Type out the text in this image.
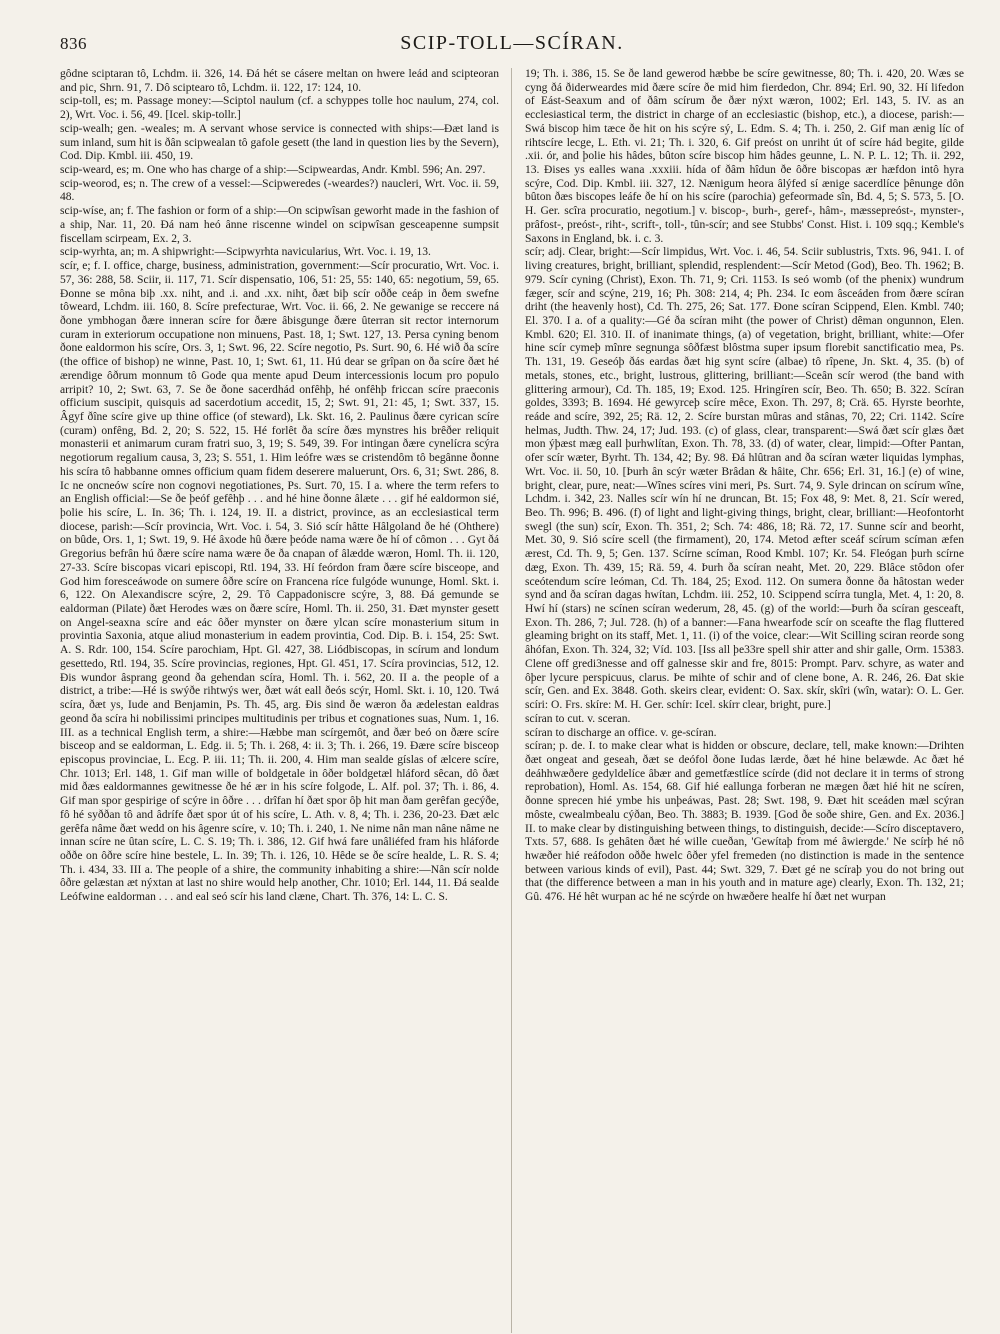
836	SCIP-TOLL—SCÍRAN.

gôdne sciptaran tô, Lchdm. ii. 326, 14. Ðá hét se cásere meltan on hwere leád and scipteoran and pic, Shrn. 91, 7. Dô sciptearo tô, Lchdm. ii. 122, 17: 124, 10.

scip-toll, es; m. Passage money:—Sciptol naulum (cf. a schyppes tolle hoc naulum, 274, col. 2), Wrt. Voc. i. 56, 49. [Icel. skip-tollr.]

scip-wealh; gen. -weales; m. A servant whose service is connected with ships:—Ðæt land is sum inland, sum hit is ðân scipwealan tô gafole gesett (the land in question lies by the Severn), Cod. Dip. Kmbl. iii. 450, 19.

scip-weard, es; m. One who has charge of a ship:—Scipweardas, Andr. Kmbl. 596; An. 297.

scip-weorod, es; n. The crew of a vessel:—Scipweredes (-weardes?) naucleri, Wrt. Voc. ii. 59, 48.

scip-wíse, an; f. The fashion or form of a ship:—On scipwîsan geworht made in the fashion of a ship, Nar. 11, 20. Ðá nam heó ânne riscenne windel on scipwîsan gesceapenne sumpsit fiscellam scirpeam, Ex. 2, 3.

scip-wyrhta, an; m. A shipwright:—Scipwyrhta navicularius, Wrt. Voc. i. 19, 13.

scír, e; f. I. office, charge, business, administration, government:—Scír procuratio, Wrt. Voc. i. 57, 36: 288, 58. Sciir, ii. 117, 71. Scír dispensatio, 106, 51: 25, 55: 140, 65: negotium, 59, 65. Ðonne se môna biþ .xx. niht, and .i. and .xx. niht, ðæt biþ scír oððe ceáp in ðem swefne tôweard, Lchdm. iii. 160, 8. Scíre prefecturae, Wrt. Voc. ii. 66, 2. Ne gewanige se reccere ná ðone ymbhogan ðære inneran scíre for ðære âbisgunge ðære ûterran sit rector internorum curam in exteriorum occupatione non minuens, Past. 18, 1; Swt. 127, 13. Persa cyning benom ðone ealdormon his scíre, Ors. 3, 1; Swt. 96, 22. Scíre negotio, Ps. Surt. 90, 6. Hé wið ða scíre (the office of bishop) ne winne, Past. 10, 1; Swt. 61, 11. Hú dear se grîpan on ða scíre ðæt hé ærendige ôðrum monnum tô Gode qua mente apud Deum intercessionis locum pro populo arripit? 10, 2; Swt. 63, 7. Se ðe ðone sacerdhád onfêhþ, hé onfêhþ friccan scíre praeconis officium suscipit, quisquis ad sacerdotium accedit, 15, 2; Swt. 91, 21: 45, 1; Swt. 337, 15. Âgyf ðîne scíre give up thine office (of steward), Lk. Skt. 16, 2. Paulinus ðære cyrican scíre (curam) onfêng, Bd. 2, 20; S. 522, 15. Hé forlêt ða scíre ðæs mynstres his brêðer reliquit monasterii et animarum curam fratri suo, 3, 19; S. 549, 39. For intingan ðære cynelícra scýra negotiorum regalium causa, 3, 23; S. 551, 1. Him leófre wæs se cristendôm tô begânne ðonne his scíra tô habbanne omnes officium quam fidem deserere maluerunt, Ors. 6, 31; Swt. 286, 8. Ic ne oncneów scíre non cognovi negotiationes, Ps. Surt. 70, 15. I a. where the term refers to an English official:—Se ðe þeóf gefêhþ . . . and hé hine ðonne âlæte . . . gif hé ealdormon sié, þolie his scíre, L. In. 36; Th. i. 124, 19. II. a district, province, as an ecclesiastical term diocese, parish:—Scír provincia, Wrt. Voc. i. 54, 3. Sió scír hâtte Hâlgoland ðe hé (Ohthere) on bûde, Ors. 1, 1; Swt. 19, 9. Hé âxode hû ðære þeóde nama wære ðe hí of cômon . . . Gyt ðá Gregorius befrân hú ðære scíre nama wære ðe ða cnapan of âlædde wæron, Homl. Th. ii. 120, 27-33. Scíre biscopas vicari episcopi, Rtl. 194, 33. Hí feórdon fram ðære scíre bisceope, and God him foresceáwode on sumere ôðre scíre on Francena ríce fulgóde wununge, Homl. Skt. i. 6, 122. On Alexandiscre scýre, 2, 29. Tô Cappadoniscre scýre, 3, 88. Ðá gemunde se ealdorman (Pilate) ðæt Herodes wæs on ðære scíre, Homl. Th. ii. 250, 31. Ðæt mynster gesett on Angel-seaxna scíre and eác ôðer mynster on ðære ylcan scíre monasterium situm in provintia Saxonia, atque aliud monasterium in eadem provintia, Cod. Dip. B. i. 154, 25: Swt. A. S. Rdr. 100, 154. Scíre parochiam, Hpt. Gl. 427, 38. Liódbiscopas, in scírum and londum gesettedo, Rtl. 194, 35. Scíre provincias, regiones, Hpt. Gl. 451, 17. Scíra provincias, 512, 12. Ðis wundor âsprang geond ða gehendan scíra, Homl. Th. i. 562, 20. II a. the people of a district, a tribe:—Hé is swýðe rihtwýs wer, ðæt wát eall ðeós scýr, Homl. Skt. i. 10, 120. Twá scíra, ðæt ys, Iude and Benjamin, Ps. Th. 45, arg. Ðis sind ðe wæron ða ædelestan ealdras geond ða scíra hi nobilissimi principes multitudinis per tribus et cognationes suas, Num. 1, 16. III. as a technical English term, a shire:—Hæbbe man scírgemôt, and ðær beó on ðære scíre bisceop and se ealdorman, L. Edg. ii. 5; Th. i. 268, 4: ii. 3; Th. i. 266, 19. Ðære scíre bisceop episcopus provinciae, L. Ecg. P. iii. 11; Th. ii. 200, 4. Him man sealde gíslas of ælcere scíre, Chr. 1013; Erl. 148, 1. Gif man wille of boldgetale in ôðer boldgetæl hláford sêcan, dô ðæt mid ðæs ealdormannes gewitnesse ðe hé ær in his scíre folgode, L. Alf. pol. 37; Th. i. 86, 4. Gif man spor gespirige of scýre in ôðre . . . drîfan hí ðæt spor ôþ hit man ðam gerêfan gecýðe, fô hé syððan tô and âdrífe ðæt spor út of his scíre, L. Ath. v. 8, 4; Th. i. 236, 20-23. Ðæt ælc gerêfa nâme ðæt wedd on his âgenre scíre, v. 10; Th. i. 240, 1. Ne nime nân man nâne nâme ne innan scíre ne ûtan scíre, L. C. S. 19; Th. i. 386, 12. Gif hwá fare unâliéfed fram his hláforde oððe on ôðre scíre hine bestele, L. In. 39; Th. i. 126, 10. Hêde se ðe scíre healde, L. R. S. 4; Th. i. 434, 33. III a. The people of a shire, the community inhabiting a shire:—Nân scír nolde ôðre gelæstan æt nýxtan at last no shire would help another, Chr. 1010; Erl. 144, 11. Ðá sealde Leófwine ealdorman . . . and eal seó scír his land clæne, Chart. Th. 376, 14: L. C. S.

19; Th. i. 386, 15. Se ðe land gewerod hæbbe be scíre gewitnesse, 80; Th. i. 420, 20. Wæs se cyng ðá ðiderweardes mid ðære scíre ðe mid him fierdedon, Chr. 894; Erl. 90, 32. Hí lifedon of Eást-Seaxum and of ðâm scírum ðe ðær nýxt wæron, 1002; Erl. 143, 5. IV. as an ecclesiastical term, the district in charge of an ecclesiastic (bishop, etc.), a diocese, parish:—Swá biscop him tæce ðe hit on his scýre sý, L. Edm. S. 4; Th. i. 250, 2. Gif man ænig líc of rihtscíre lecge, L. Eth. vi. 21; Th. i. 320, 6. Gif preóst on unriht út of scíre hád begite, gilde .xii. ór, and þolie his hâdes, bûton scíre biscop him hâdes geunne, L. N. P. L. 12; Th. ii. 292, 13. Ðises ys ealles wana .xxxiii. hída of ðâm hîdun ðe ôðre biscopas ær hæfdon intô hyra scýre, Cod. Dip. Kmbl. iii. 327, 12. Nænigum heora âlýfed sí ænige sacerdlíce þênunge dôn bûton ðæs biscopes leáfe ðe hí on his scíre (parochia) gefeormade sîn, Bd. 4, 5; S. 573, 5. [O. H. Ger. scîra procuratio, negotium.] v. biscop-, burh-, geref-, hâm-, mæssepreóst-, mynster-, prâfost-, preóst-, riht-, scrift-, toll-, tûn-scír; and see Stubbs' Const. Hist. i. 109 sqq.; Kemble's Saxons in England, bk. i. c. 3.

scír; adj. Clear, bright:—Scír limpidus, Wrt. Voc. i. 46, 54. Sciir sublustris, Txts. 96, 941. I. of living creatures, bright, brilliant, splendid, resplendent:—Scír Metod (God), Beo. Th. 1962; B. 979. Scír cyning (Christ), Exon. Th. 71, 9; Cri. 1153. Is seó womb (of the phenix) wundrum fæger, scír and scýne, 219, 16; Ph. 308: 214, 4; Ph. 234. Ic eom âsceáden from ðære scíran driht (the heavenly host), Cd. Th. 275, 26; Sat. 177. Ðone scíran Scippend, Elen. Kmbl. 740; El. 370. I a. of a quality:—Gé ða scíran miht (the power of Christ) dêman ongunnon, Elen. Kmbl. 620; El. 310. II. of inanimate things, (a) of vegetation, bright, brilliant, white:—Ofer hine scír cymeþ mînre segnunga sôðfæst blôstma super ipsum florebit sanctificatio mea, Ps. Th. 131, 19. Geseóþ ðás eardas ðæt hig synt scíre (albae) tô rîpene, Jn. Skt. 4, 35. (b) of metals, stones, etc., bright, lustrous, glittering, brilliant:—Sceân scír werod (the band with glittering armour), Cd. Th. 185, 19; Exod. 125. Hringíren scír, Beo. Th. 650; B. 322. Scíran goldes, 3393; B. 1694. Hé gewyrceþ scíre mêce, Exon. Th. 297, 8; Crä. 65. Hyrste beorhte, reáde and scíre, 392, 25; Rä. 12, 2. Scíre burstan mûras and stânas, 70, 22; Cri. 1142. Scíre helmas, Judth. Thw. 24, 17; Jud. 193. (c) of glass, clear, transparent:—Swá ðæt scír glæs ðæt mon ýþæst mæg eall þurhwlítan, Exon. Th. 78, 33. (d) of water, clear, limpid:—Ofter Pantan, ofer scír wæter, Byrht. Th. 134, 42; By. 98. Ðá hlûtran and ða scíran wæter liquidas lymphas, Wrt. Voc. ii. 50, 10. [Þurh ân scýr wæter Brâdan & hâite, Chr. 656; Erl. 31, 16.] (e) of wine, bright, clear, pure, neat:—Wînes scíres vini meri, Ps. Surt. 74, 9. Syle drincan on scírum wîne, Lchdm. i. 342, 23. Nalles scír wín hí ne druncan, Bt. 15; Fox 48, 9: Met. 8, 21. Scír wered, Beo. Th. 996; B. 496. (f) of light and light-giving things, bright, clear, brilliant:—Heofontorht swegl (the sun) scír, Exon. Th. 351, 2; Sch. 74: 486, 18; Rä. 72, 17. Sunne scír and beorht, Met. 30, 9. Sió scíre scell (the firmament), 20, 174. Metod æfter sceáf scírum scíman æfen ærest, Cd. Th. 9, 5; Gen. 137. Scírne scíman, Rood Kmbl. 107; Kr. 54. Fleógan þurh scírne dæg, Exon. Th. 439, 15; Rä. 59, 4. Þurh ða scíran neaht, Met. 20, 229. Blâce stôdon ofer sceótendum scíre leóman, Cd. Th. 184, 25; Exod. 112. On sumera ðonne ða hâtostan weder synd and ða scíran dagas hwítan, Lchdm. iii. 252, 10. Scippend scírra tungla, Met. 4, 1: 20, 8. Hwí hí (stars) ne scínen scíran wederum, 28, 45. (g) of the world:—Þurh ða scíran gesceaft, Exon. Th. 286, 7; Jul. 728. (h) of a banner:—Fana hwearfode scír on sceafte the flag fluttered gleaming bright on its staff, Met. 1, 11. (i) of the voice, clear:—Wit Scilling sciran reorde song âhófan, Exon. Th. 324, 32; Víd. 103. [Iss all þe33re spell shir atter and shir galle, Orm. 15383. Clene off gredi3nesse and off galnesse skir and fre, 8015: Prompt. Parv. schyre, as water and ôþer lycure perspicuus, clarus. Þe mihte of schir and of clene bone, A. R. 246, 26. Ðat skie scír, Gen. and Ex. 3848. Goth. skeirs clear, evident: O. Sax. skír, skîri (wîn, watar): O. L. Ger. scíri: O. Frs. skíre: M. H. Ger. schír: Icel. skírr clear, bright, pure.]

scíran to cut. v. sceran.

scíran to discharge an office. v. ge-scíran.

scíran; p. de. I. to make clear what is hidden or obscure, declare, tell, make known:—Drihten ðæt ongeat and geseah, ðæt se deófol ðone Iudas lærde, ðæt hé hine belæwde. Ac ðæt hé deáhhwæðere gedyldelíce âbær and gemetfæstlíce scírde (did not declare it in terms of strong reprobation), Homl. As. 154, 68. Gif hié eallunga forberan ne mægen ðæt hié hit ne scíren, ðonne sprecen hié ymbe his unþeáwas, Past. 28; Swt. 198, 9. Ðæt hit sceáden mæl scýran môste, cwealmbealu cýðan, Beo. Th. 3883; B. 1939. [God ðe soðe shire, Gen. and Ex. 2036.] II. to make clear by distinguishing between things, to distinguish, decide:—Scíro disceptavero, Txts. 57, 688. Is gehâten ðæt hé wille cueðan, 'Gewítaþ from mé âwiergde.' Ne scírþ hé nô hwæðer hié reáfodon oððe hwelc ôðer yfel fremeden (no distinction is made in the sentence between various kinds of evil), Past. 44; Swt. 329, 7. Ðæt gé ne scíraþ you do not bring out that (the difference between a man in his youth and in mature age) clearly, Exon. Th. 132, 21; Gû. 476. Hé hêt wurpan ac hé ne scýrde on hwæðere healfe hí ðæt net wurpan
